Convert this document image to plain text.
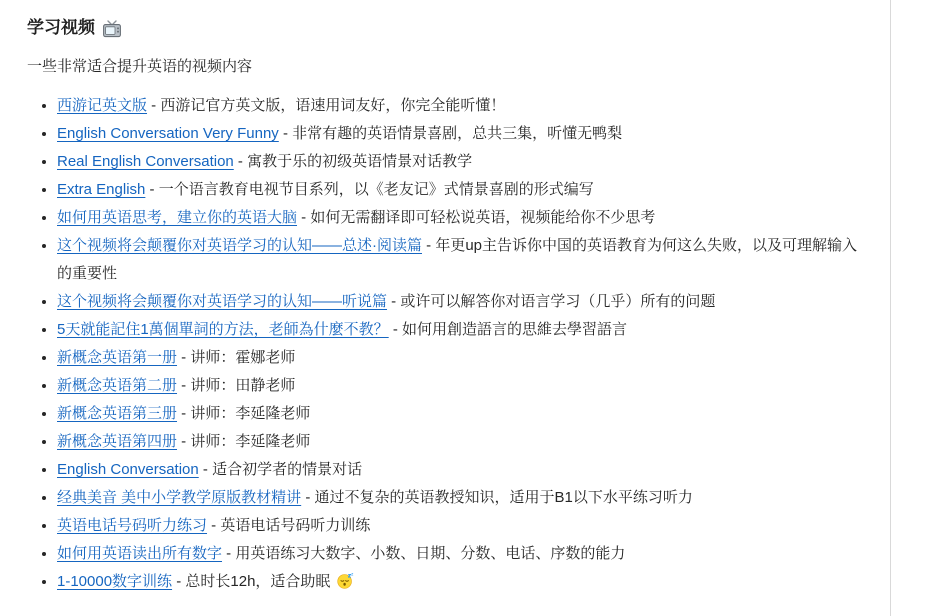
学习视频

一些非常适合提升英语的视频内容

• 西游记英文版 - 西游记官方英文版，语速用词友好，你完全能听懂！
• English Conversation Very Funny - 非常有趣的英语情景喜剧，总共三集，听懂无鸭梨
• Real English Conversation - 寓教于乐的初级英语情景对话教学
• Extra English - 一个语言教育电视节目系列，以《老友记》式情景喜剧的形式编写
• 如何用英语思考，建立你的英语大脑 - 如何无需翻译即可轻松说英语，视频能给你不少思考
• 这个视频将会颠覆你对英语学习的认知——总述·阅读篇 - 年更up主告诉你中国的英语教育为何这么失败，以及可理解输入的重要性
• 这个视频将会颠覆你对英语学习的认知——听说篇 - 或许可以解答你对语言学习（几乎）所有的问题
• 5天就能記住1萬個單詞的方法，老師為什麼不教？ - 如何用創造語言的思維去學習語言
• 新概念英语第一册 - 讲师：霍娜老师
• 新概念英语第二册 - 讲师：田静老师
• 新概念英语第三册 - 讲师：李延隆老师
• 新概念英语第四册 - 讲师：李延隆老师
• English Conversation - 适合初学者的情景对话
• 经典美音 美中小学教学原版教材精讲 - 通过不复杂的英语教授知识，适用于B1以下水平练习听力
• 英语电话号码听力练习 - 英语电话号码听力训练
• 如何用英语读出所有数字 - 用英语练习大数字、小数、日期、分数、电话、序数的能力
• 1-10000数字训练 - 总时长12h，适合助眠 z z
